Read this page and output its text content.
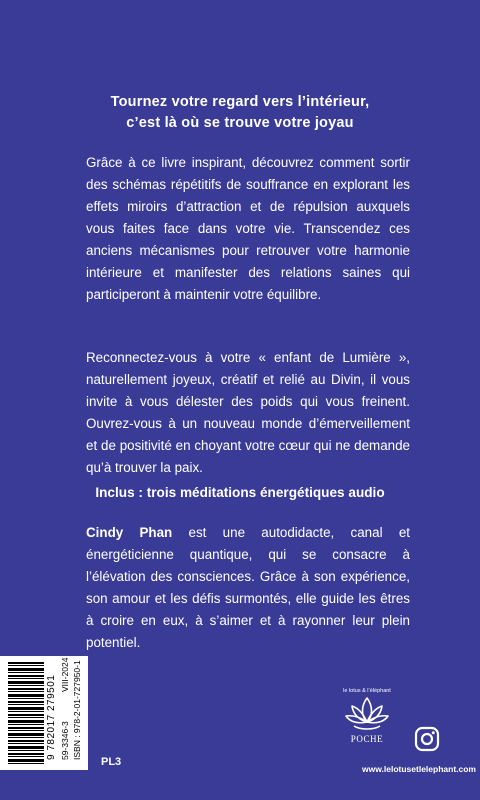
Tournez votre regard vers l’intérieur,
c’est là où se trouve votre joyau

Grâce à ce livre inspirant, découvrez comment sortir des schémas répétitifs de souffrance en explorant les effets miroirs d’attraction et de répulsion auxquels vous faites face dans votre vie. Transcendez ces anciens mécanismes pour retrouver votre harmonie intérieure et manifester des relations saines qui participeront à maintenir votre équilibre.

Reconnectez-vous à votre « enfant de Lumière », naturellement joyeux, créatif et relié au Divin, il vous invite à vous délester des poids qui vous freinent. Ouvrez-vous à un nouveau monde d’émerveillement et de positivité en choyant votre cœur qui ne demande qu’à trouver la paix.

Inclus : trois méditations énergétiques audio

Cindy Phan est une autodidacte, canal et énergéticienne quantique, qui se consacre à l’élévation des consciences. Grâce à son expérience, son amour et les défis surmontés, elle guide les êtres à croire en eux, à s’aimer et à rayonner leur plein potentiel.

9 782017 279501 59-3346-3
VIII-2024 ISBN : 978-2-01-727950-1
PL3
le lotus & l’éléphant
POCHE
www.lelotusetlelephant.com
